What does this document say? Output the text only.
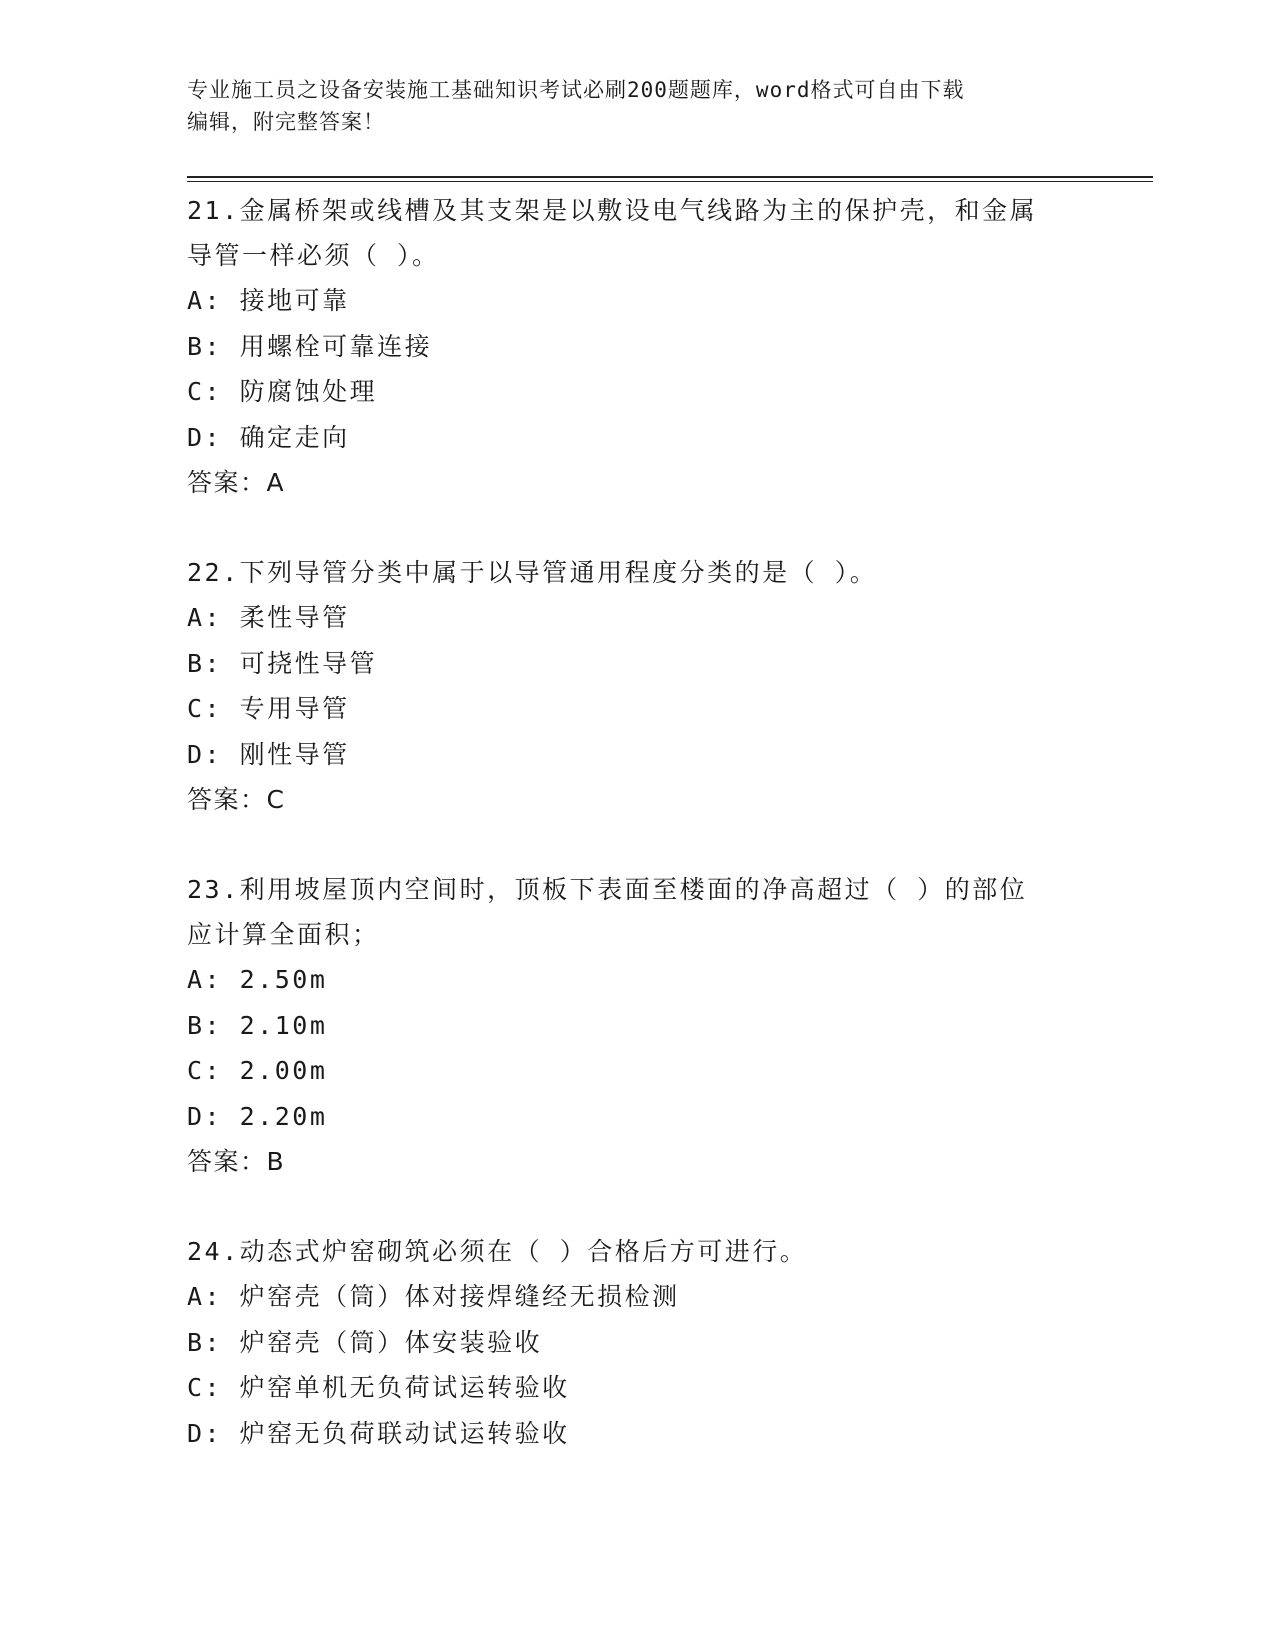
专业施工员之设备安装施工基础知识考试必刷200题题库，word格式可自由下载
编辑，附完整答案！

21.金属桥架或线槽及其支架是以敷设电气线路为主的保护壳，和金属

导管一样必须（ ）。

A: 接地可靠

B: 用螺栓可靠连接

C: 防腐蚀处理

D: 确定走向

答案：A

22.下列导管分类中属于以导管通用程度分类的是（ ）。

A: 柔性导管

B: 可挠性导管

C: 专用导管

D: 刚性导管

答案：C

23.利用坡屋顶内空间时，顶板下表面至楼面的净高超过（ ）的部位

应计算全面积；

A: 2.50m

B: 2.10m

C: 2.00m

D: 2.20m

答案：B

24.动态式炉窑砌筑必须在（ ）合格后方可进行。

A: 炉窑壳（筒）体对接焊缝经无损检测

B: 炉窑壳（筒）体安装验收

C: 炉窑单机无负荷试运转验收

D: 炉窑无负荷联动试运转验收
